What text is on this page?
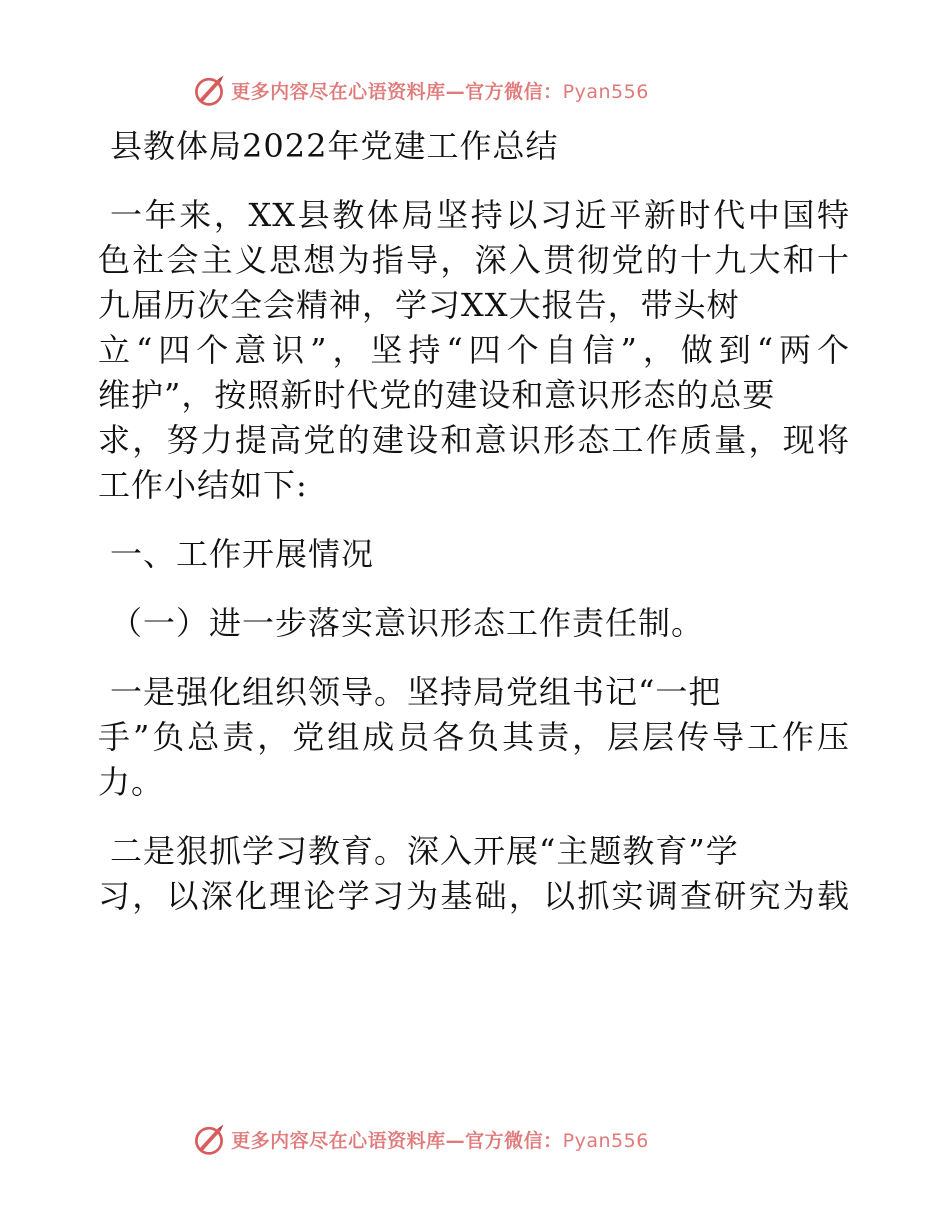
更多内容尽在心语资料库—官方微信：Pyan556
县教体局2022年党建工作总结
一年来，XX县教体局坚持以习近平新时代中国特
色社会主义思想为指导，深入贯彻党的十九大和十
九届历次全会精神，学习XX大报告，带头树
立“四个意识”，坚持“四个自信”，做到“两个
维护”，按照新时代党的建设和意识形态的总要
求，努力提高党的建设和意识形态工作质量，现将
工作小结如下:
一、工作开展情况
（一）进一步落实意识形态工作责任制。
一是强化组织领导。坚持局党组书记“一把
手”负总责，党组成员各负其责，层层传导工作压
力。
二是狠抓学习教育。深入开展“主题教育”学
习，以深化理论学习为基础，以抓实调查研究为载
更多内容尽在心语资料库—官方微信：Pyan556
